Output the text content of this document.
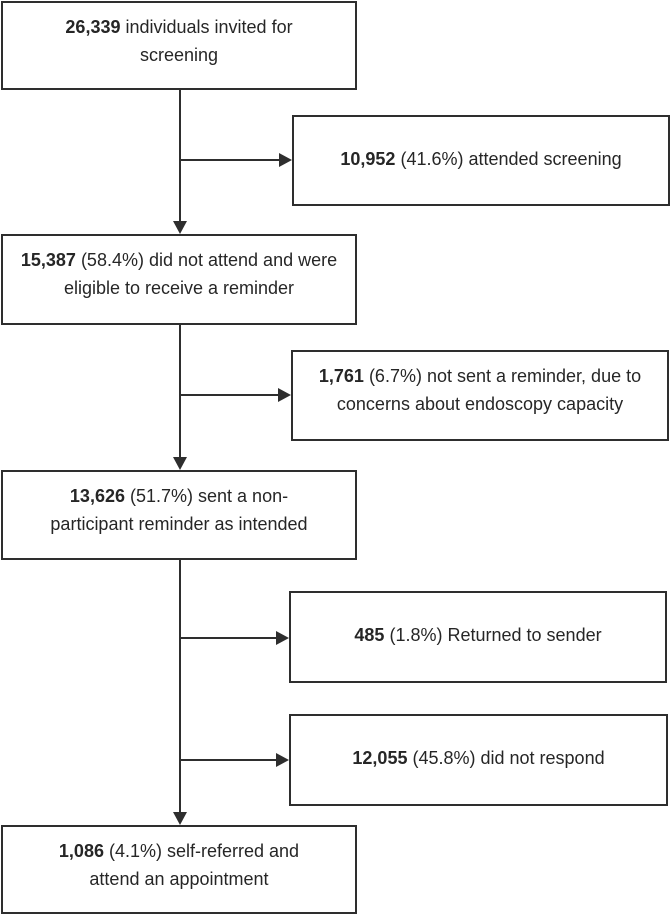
26,339 individuals invited for screening
15,387 (58.4%) did not attend and were eligible to receive a reminder
13,626 (51.7%) sent a non-participant reminder as intended
1,086 (4.1%) self-referred and attend an appointment
10,952 (41.6%) attended screening
1,761 (6.7%) not sent a reminder, due to concerns about endoscopy capacity
485 (1.8%) Returned to sender
12,055 (45.8%) did not respond
